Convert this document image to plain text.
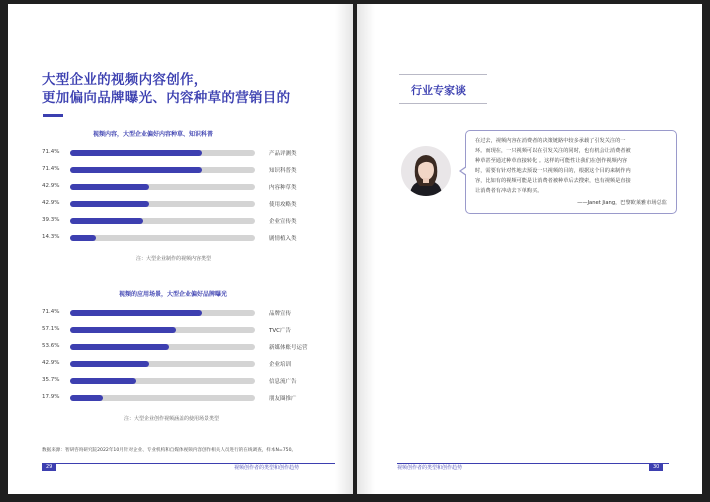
大型企业的视频内容创作，
更加偏向品牌曝光、内容种草的营销目的
视频内容，大型企业偏好内容种草、知识科普
71.4%	产品评测类
71.4%	知识科普类
42.9%	内容种草类
42.9%	使用攻略类
39.3%	企业宣传类
14.3%	剧情植入类
注：大型企业制作的视频内容类型
视频的应用场景，大型企业偏好品牌曝光
71.4%	品牌宣传
57.1%	TVC广告
53.6%	新媒体账号运营
42.9%	企业培训
35.7%	信息流广告
17.9%	朋友圈推广
注：大型企业创作视频涵盖的使用场景类型
数据来源：智研咨询研究院2022年10月针对企业、专业机构和自媒体视频内容创作相关人员进行的在线调查，样本N=750。
29	视频创作者的类型和创作趋势
行业专家谈
在过去，视频内容在消费者的决策链路中较多承载了引发关注的一
环。而现在，一只视频可以在引发关注的同时，也有机会让消费者被
种草甚至通过种草直接转化 。这样的可能性让我们在创作视频内容
时，需要有针对性地去预设一只视频的目的，根据这个目的来制作内
容，比如有的视频可能是让消费者被种草后去搜索，也有视频是直接
让消费者有冲动去下单购买。
——Janet Jiang，巴黎欧莱雅市场总监
视频创作者的类型和创作趋势	30
